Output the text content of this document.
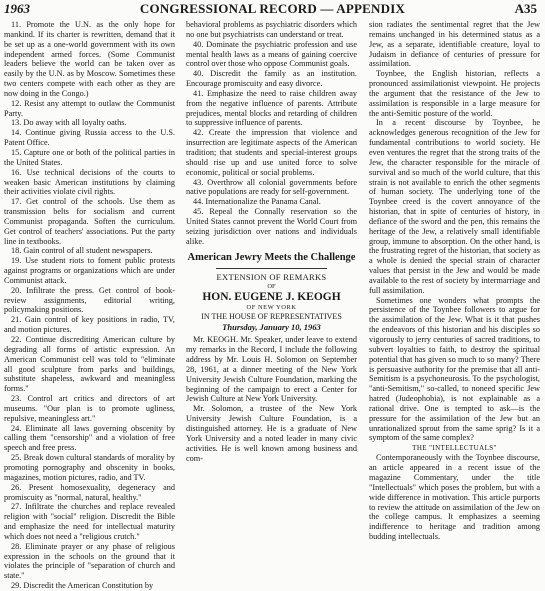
1963	CONGRESSIONAL RECORD — APPENDIX	A35

11. Promote the U.N. as the only hope for mankind. If its charter is rewritten, demand that it be set up as a one-world government with its own independent armed forces. (Some Communist leaders believe the world can be taken over as easily by the U.N. as by Moscow. Sometimes these two centers compete with each other as they are now doing in the Congo.)

12. Resist any attempt to outlaw the Communist Party.

13. Do away with all loyalty oaths.

14. Continue giving Russia access to the U.S. Patent Office.

15. Capture one or both of the political parties in the United States.

16. Use technical decisions of the courts to weaken basic American institutions by claiming their activities violate civil rights.

17. Get control of the schools. Use them as transmission belts for socialism and current Communist propaganda. Soften the curriculum. Get control of teachers' associations. Put the party line in textbooks.

18. Gain control of all student newspapers.

19. Use student riots to foment public protests against programs or organizations which are under Communist attack.

20. Infiltrate the press. Get control of book-review assignments, editorial writing, policymaking positions.

21. Gain control of key positions in radio, TV, and motion pictures.

22. Continue discrediting American culture by degrading all forms of artistic expression. An American Communist cell was told to "eliminate all good sculpture from parks and buildings, substitute shapeless, awkward and meaningless forms."

23. Control art critics and directors of art museums. "Our plan is to promote ugliness, repulsive, meaningless art."

24. Eliminate all laws governing obscenity by calling them "censorship" and a violation of free speech and free press.

25. Break down cultural standards of morality by promoting pornography and obscenity in books, magazines, motion pictures, radio, and TV.

26. Present homosexuality, degeneracy and promiscuity as "normal, natural, healthy."

27. Infiltrate the churches and replace revealed religion with "social" religion. Discredit the Bible and emphasize the need for intellectual maturity which does not need a "religious crutch."

28. Eliminate prayer or any phase of religious expression in the schools on the ground that it violates the principle of "separation of church and state."

29. Discredit the American Constitution by

behavioral problems as psychiatric disorders which no one but psychiatrists can understand or treat.

40. Dominate the psychiatric profession and use mental health laws as a means of gaining coercive control over those who oppose Communist goals.

40. Discredit the family as an institution. Encourage promiscuity and easy divorce.

41. Emphasize the need to raise children away from the negative influence of parents. Attribute prejudices, mental blocks and retarding of children to suppressive influence of parents.

42. Create the impression that violence and insurrection are legitimate aspects of the American tradition; that students and special-interest groups should rise up and use united force to solve economic, political or social problems.

43. Overthrow all colonial governments before native populations are ready for self-government.

44. Internationalize the Panama Canal.

45. Repeal the Connally reservation so the United States cannot prevent the World Court from seizing jurisdiction over nations and individuals alike.

American Jewry Meets the Challenge
EXTENSION OF REMARKS
OF
HON. EUGENE J. KEOGH
OF NEW YORK
IN THE HOUSE OF REPRESENTATIVES
Thursday, January 10, 1963

Mr. KEOGH. Mr. Speaker, under leave to extend my remarks in the Record, I include the following address by Mr. Louis H. Solomon on September 28, 1961, at a dinner meeting of the New York University Jewish Culture Foundation, marking the beginning of the campaign to erect a Center for Jewish Culture at New York University.

Mr. Solomon, a trustee of the New York University Jewish Culture Foundation, is a distinguished attorney. He is a graduate of New York University and a noted leader in many civic activities. He is well known among business and com-

sion radiates the sentimental regret that the Jew remains unchanged in his determined status as a Jew, as a separate, identifiable creature, loyal to Judaism in defiance of centuries of pressure for assimilation.

Toynbee, the English historian, reflects a pronounced assimilationist viewpoint. He projects the argument that the resistance of the Jew to assimilation is responsible in a large measure for the anti-Semitic posture of the world.

In a recent discourse by Toynbee, he acknowledges generous recognition of the Jew for fundamental contributions to world society. He even ventures the regret that the strong traits of the Jew, the character responsible for the miracle of survival and so much of the world culture, that this strain is not available to enrich the other segments of human society. The underlying tone of the Toynbee creed is the covert annoyance of the historian, that in spite of centuries of history, in defiance of the sword and the pen, this remains the heritage of the Jew, a relatively small identifiable group, immune to absorption. On the other hand, is the frustrating regret of the historian, that society as a whole is denied the special strain of character values that persist in the Jew and would be made available to the rest of society by intermarriage and full assimilation.

Sometimes one wonders what prompts the persistence of the Toynbee followers to argue for the assimilation of the Jew. What is it that pushes the endeavors of this historian and his disciples so vigorously to jerry centuries of sacred traditions, to subvert loyalties to faith, to destroy the spiritual potential that has given so much to so many? There is persuasive authority for the premise that all anti-Semitism is a psychoneurosis. To the psychologist, "anti-Semitism," so-called, to noneed specific Jew hatred (Judeophobia), is not explainable as a rational drive. One is tempted to ask—is the pressure for the assimilation of the Jew but an unrationalized sprout from the same sprig? Is it a symptom of the same complex?

THE "INTELLECTUALS"

Contemporaneously with the Toynbee discourse, an article appeared in a recent issue of the magazine Commentary, under the title "Intellectuals" which poses the problem, but with a wide difference in motivation. This article purports to review the attitude on assimilation of the Jew on the college campus. It emphasizes a seeming indifference to heritage and tradition among budding intellectuals.
